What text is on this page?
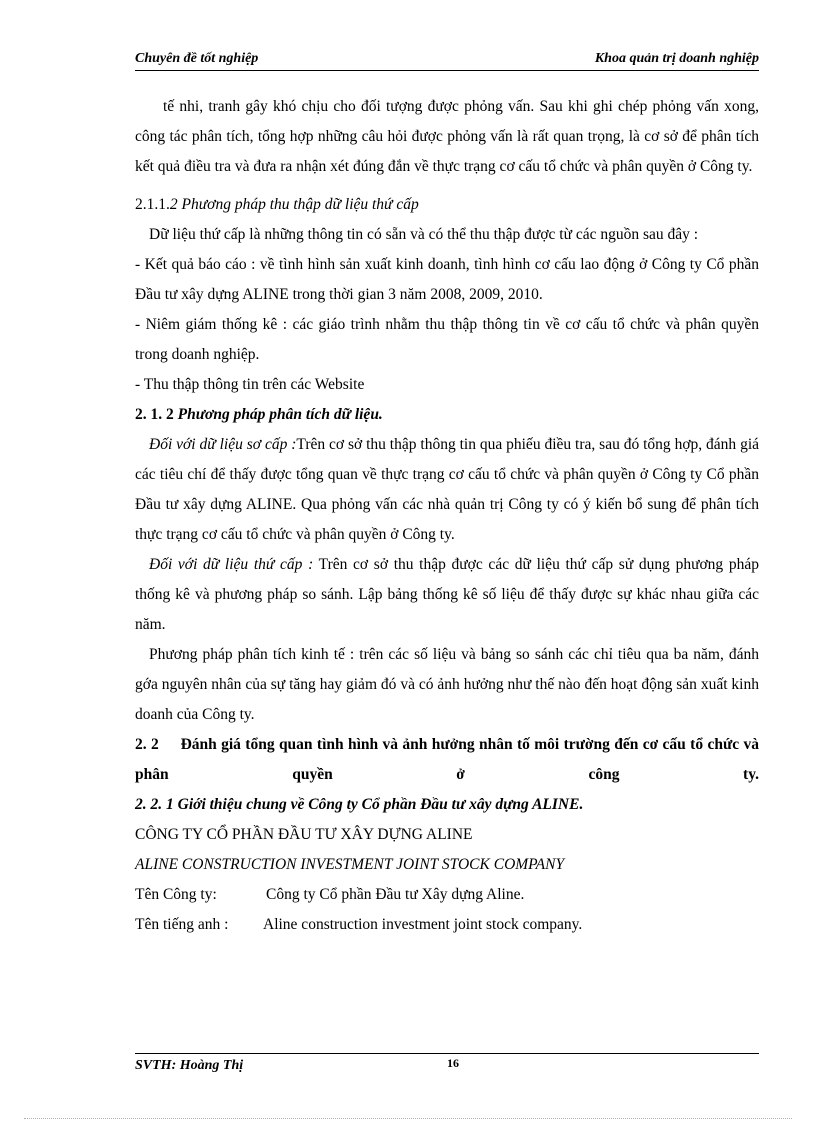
Chuyên đề tốt nghiệp	Khoa quản trị doanh nghiệp

tế nhi, tranh gây khó chịu cho đối tượng được phỏng vấn. Sau khi ghi chép phỏng vấn xong, công tác phân tích, tổng hợp những câu hỏi được phỏng vấn là rất quan trọng, là cơ sở để phân tích kết quả điều tra và đưa ra nhận xét đúng đắn về thực trạng cơ cấu tổ chức và phân quyền ở Công ty.

2.1.1.2 Phương pháp thu thập dữ liệu thứ cấp

Dữ liệu thứ cấp là những thông tin có sẵn và có thể thu thập được từ các nguồn sau đây :

- Kết quả báo cáo : về tình hình sản xuất kinh doanh, tình hình cơ cấu lao động ở Công ty Cổ phần Đầu tư xây dựng ALINE trong thời gian 3 năm 2008, 2009, 2010.

- Niêm giám thống kê : các giáo trình nhằm thu thập thông tin về cơ cấu tổ chức và phân quyền trong doanh nghiệp.

- Thu thập thông tin trên các Website

2. 1. 2 Phương pháp phân tích dữ liệu.

Đối với dữ liệu sơ cấp :Trên cơ sở thu thập thông tin qua phiếu điều tra, sau đó tổng hợp, đánh giá các tiêu chí để thấy được tổng quan về thực trạng cơ cấu tổ chức và phân quyền ở Công ty Cổ phần Đầu tư xây dựng ALINE. Qua phỏng vấn các nhà quản trị Công ty có ý kiến bổ sung để phân tích thực trạng cơ cấu tổ chức và phân quyền ở Công ty.

Đối với dữ liệu thứ cấp : Trên cơ sở thu thập được các dữ liệu thứ cấp sử dụng phương pháp thống kê và phương pháp so sánh. Lập bảng thống kê số liệu để thấy được sự khác nhau giữa các năm.

Phương pháp phân tích kinh tế : trên các số liệu và bảng so sánh các chỉ tiêu qua ba năm, đánh gớa nguyên nhân của sự tăng hay giảm đó và có ảnh hưởng như thế nào đến hoạt động sản xuất kinh doanh của Công ty.

2. 2     Đánh giá tổng quan tình hình và ảnh hưởng nhân tố môi trường đến cơ cấu tổ chức và phân quyền ở công ty.

2. 2. 1 Giới thiệu chung về Công ty Cổ phần Đầu tư xây dựng ALINE.

CÔNG TY CỔ PHẦN ĐẦU TƯ XÂY DỰNG ALINE

ALINE CONSTRUCTION INVESTMENT JOINT STOCK COMPANY

Tên Công ty:	Công ty Cổ phần Đầu tư Xây dựng Aline.

Tên tiếng anh : Aline construction investment joint stock company.

SVTH: Hoàng Thị	16
